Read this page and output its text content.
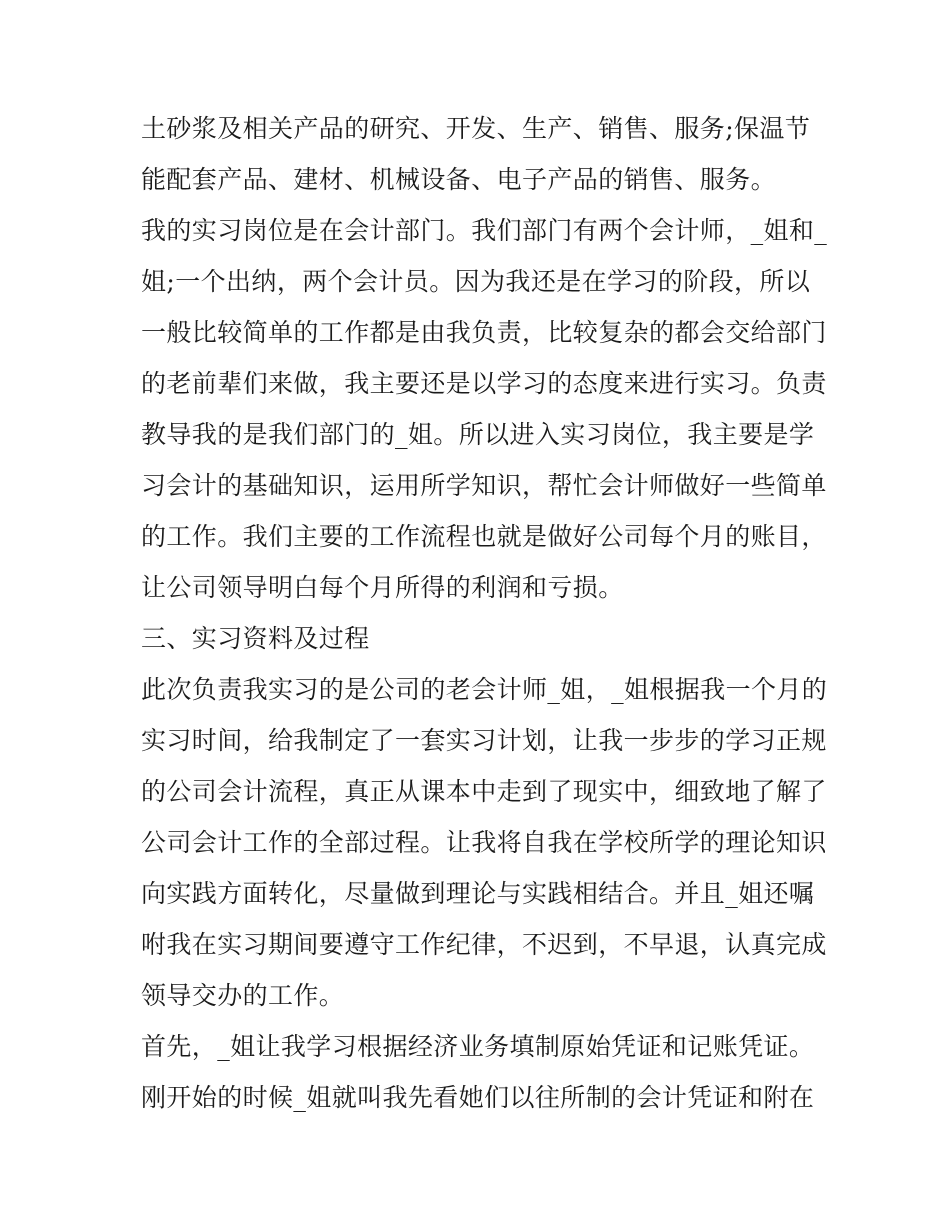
土砂浆及相关产品的研究、开发、生产、销售、服务;保温节
能配套产品、建材、机械设备、电子产品的销售、服务。
我的实习岗位是在会计部门。我们部门有两个会计师，_姐和_
姐;一个出纳，两个会计员。因为我还是在学习的阶段，所以
一般比较简单的工作都是由我负责，比较复杂的都会交给部门
的老前辈们来做，我主要还是以学习的态度来进行实习。负责
教导我的是我们部门的_姐。所以进入实习岗位，我主要是学
习会计的基础知识，运用所学知识，帮忙会计师做好一些简单
的工作。我们主要的工作流程也就是做好公司每个月的账目，
让公司领导明白每个月所得的利润和亏损。
三、实习资料及过程
此次负责我实习的是公司的老会计师_姐，_姐根据我一个月的
实习时间，给我制定了一套实习计划，让我一步步的学习正规
的公司会计流程，真正从课本中走到了现实中，细致地了解了
公司会计工作的全部过程。让我将自我在学校所学的理论知识
向实践方面转化，尽量做到理论与实践相结合。并且_姐还嘱
咐我在实习期间要遵守工作纪律，不迟到，不早退，认真完成
领导交办的工作。
首先，_姐让我学习根据经济业务填制原始凭证和记账凭证。
刚开始的时候_姐就叫我先看她们以往所制的会计凭证和附在
